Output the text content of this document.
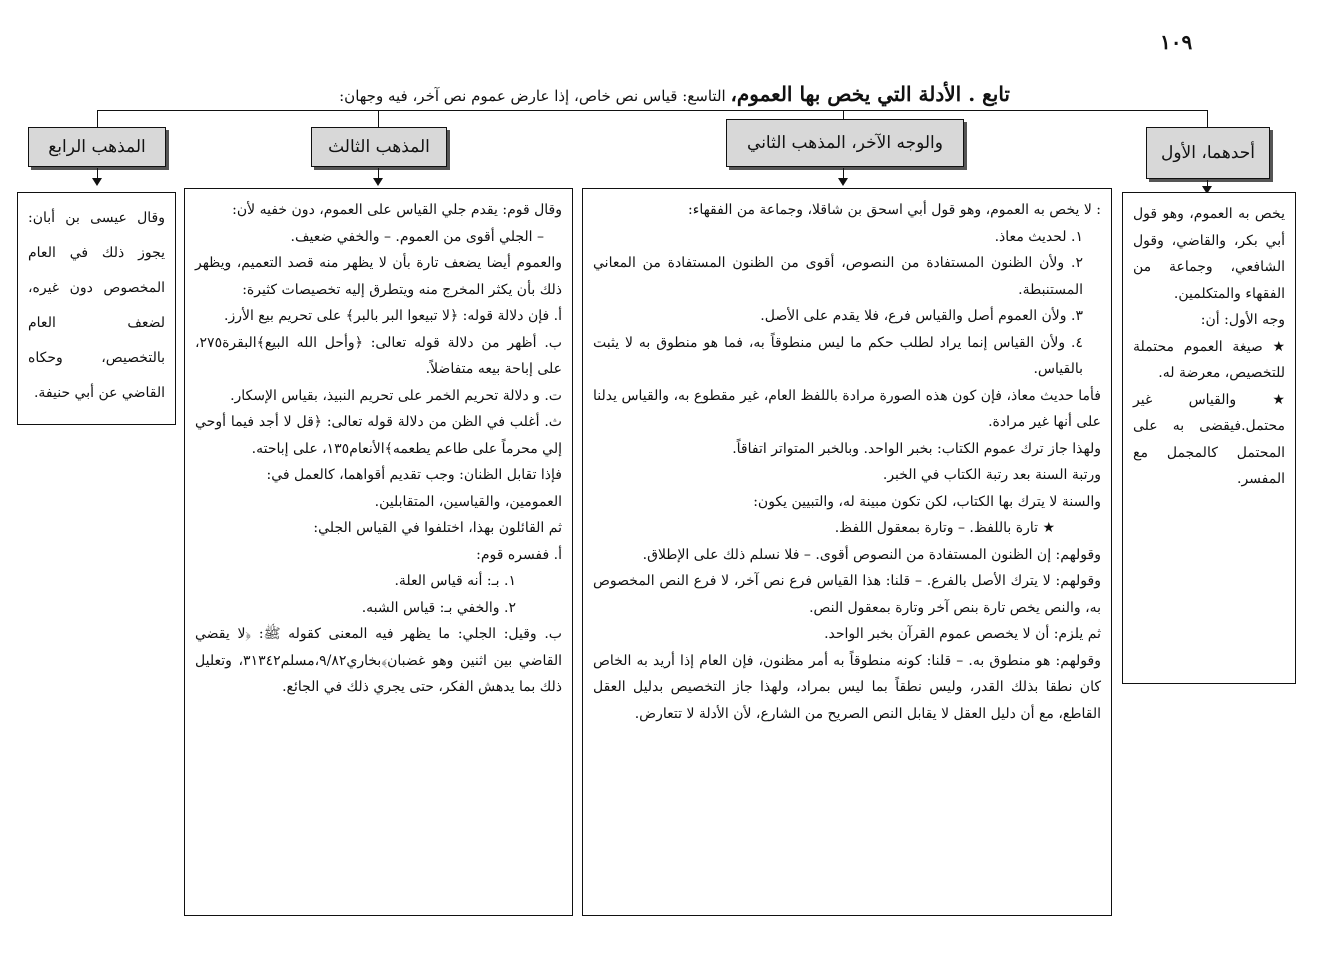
١٠٩
تابع . الأدلة التي يخص بها العموم، التاسع: قياس نص خاص، إذا عارض عموم نص آخر، فيه وجهان:
أحدهما، الأول
والوجه الآخر، المذهب الثاني
المذهب الثالث
المذهب الرابع

يخص به العموم، وهو قول أبي بكر، والقاضي، وقول الشافعي، وجماعة من الفقهاء والمتكلمين.

وجه الأول: أن:

★ صيغة العموم محتملة للتخصيص، معرضة له.

★ والقياس غير محتمل.فيقضى به على المحتمل كالمجمل مع المفسر.

: لا يخص به العموم، وهو قول أبي اسحق بن شاقلا، وجماعة من الفقهاء:

١. لحديث معاذ.

٢. ولأن الظنون المستفادة من النصوص، أقوى من الظنون المستفادة من المعاني المستنبطة.

٣. ولأن العموم أصل والقياس فرع، فلا يقدم على الأصل.

٤. ولأن القياس إنما يراد لطلب حكم ما ليس منطوقاً به، فما هو منطوق به لا يثبت بالقياس.

فأما حديث معاذ، فإن كون هذه الصورة مرادة باللفظ العام، غير مقطوع به، والقياس يدلنا على أنها غير مرادة.

ولهذا جاز ترك عموم الكتاب: بخبر الواحد. وبالخبر المتواتر اتفاقاً.

ورتبة السنة بعد رتبة الكتاب في الخبر.

والسنة لا يترك بها الكتاب، لكن تكون مبينة له، والتبيين يكون:

★ تارة باللفظ. – وتارة بمعقول اللفظ.

وقولهم: إن الظنون المستفادة من النصوص أقوى. – فلا نسلم ذلك على الإطلاق.

وقولهم: لا يترك الأصل بالفرع. – قلنا: هذا القياس فرع نص آخر، لا فرع النص المخصوص به، والنص يخص تارة بنص آخر وتارة بمعقول النص.

ثم يلزم: أن لا يخصص عموم القرآن بخبر الواحد.

وقولهم: هو منطوق به. – قلنا: كونه منطوقاً به أمر مظنون، فإن العام إذا أريد به الخاص كان نطقا بذلك القدر، وليس نطقاً بما ليس بمراد، ولهذا جاز التخصيص بدليل العقل القاطع، مع أن دليل العقل لا يقابل النص الصريح من الشارع، لأن الأدلة لا تتعارض.

وقال قوم: يقدم جلي القياس على العموم، دون خفيه لأن:

– الجلي أقوى من العموم. – والخفي ضعيف.

والعموم أيضا يضعف تارة بأن لا يظهر منه قصد التعميم، ويظهر ذلك بأن يكثر المخرج منه ويتطرق إليه تخصيصات كثيرة:

أ. فإن دلالة قوله: ﴿لا تبيعوا البر بالبر﴾ على تحريم بيع الأرز.

ب. أظهر من دلالة قوله تعالى: ﴿وأحل الله البيع﴾البقرة٢٧٥، على إباحة بيعه متفاضلاً.

ت. و دلالة تحريم الخمر على تحريم النبيذ، بقياس الإسكار.

ث. أغلب في الظن من دلالة قوله تعالى: ﴿قل لا أجد فيما أوحي إلي محرماً على طاعم يطعمه﴾الأنعام١٣٥، على إباحته.

فإذا تقابل الظنان: وجب تقديم أقواهما، كالعمل في:

العمومين، والقياسين، المتقابلين.

ثم القائلون بهذا، اختلفوا في القياس الجلي:

أ. ففسره قوم:

١. بـ: أنه قياس العلة.

٢. والخفي بـ: قياس الشبه.

ب. وقيل: الجلي: ما يظهر فيه المعنى كقوله ﷺ: ﴿لا يقضي القاضي بين اثنين وهو غضبان﴾بخاري٩/٨٢،مسلم٣١٣٤٢، وتعليل ذلك بما يدهش الفكر، حتى يجري ذلك في الجائع.

وقال عيسى بن أبان: يجوز ذلك في العام المخصوص دون غيره، لضعف العام بالتخصيص، وحكاه القاضي عن أبي حنيفة.
